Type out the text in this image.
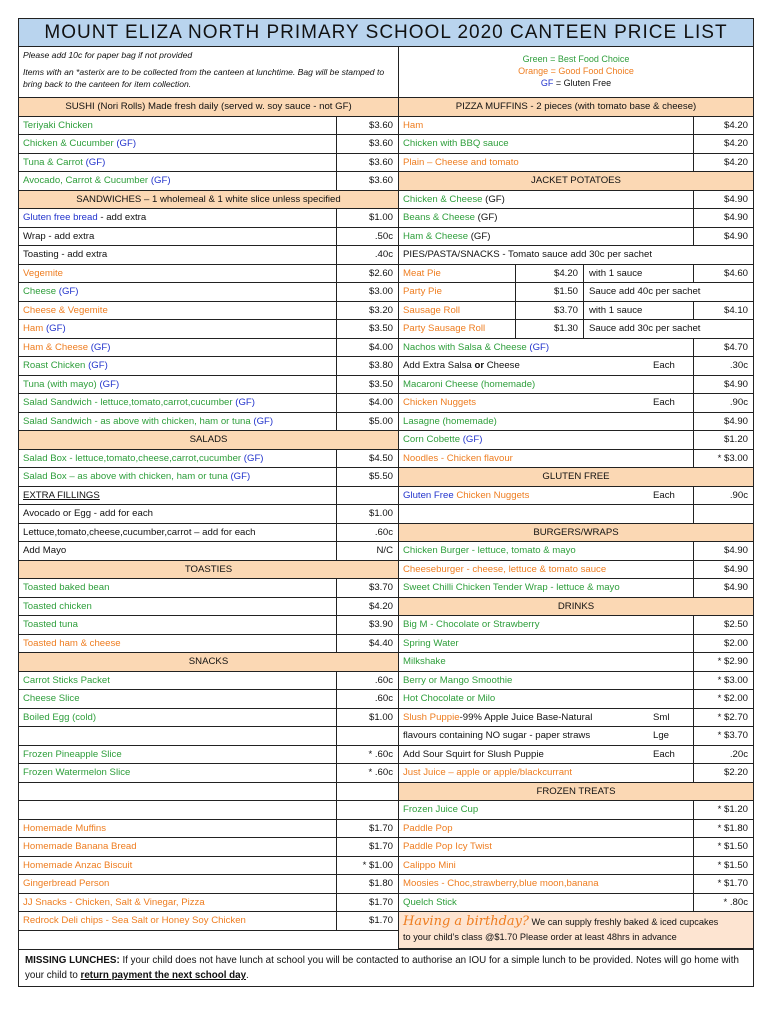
MOUNT ELIZA NORTH PRIMARY SCHOOL 2020 CANTEEN PRICE LIST
Please add 10c for paper bag if not provided
Items with an *asterix are to be collected from the canteen at lunchtime. Bag will be stamped to bring back to the canteen for item collection.
Green = Best Food Choice
Orange = Good Food Choice
GF = Gluten Free
SUSHI (Nori Rolls) Made fresh daily (served w. soy sauce - not GF)
Teriyaki Chicken	$3.60
Chicken & Cucumber (GF)	$3.60
Tuna & Carrot (GF)	$3.60
Avocado, Carrot & Cucumber (GF)	$3.60
SANDWICHES – 1 wholemeal & 1 white slice unless specified
Gluten free bread - add extra	$1.00
Wrap - add extra	.50c
Toasting - add extra	.40c
Vegemite	$2.60
Cheese (GF)	$3.00
Cheese & Vegemite	$3.20
Ham (GF)	$3.50
Ham & Cheese (GF)	$4.00
Roast Chicken (GF)	$3.80
Tuna (with mayo) (GF)	$3.50
Salad Sandwich - lettuce,tomato,carrot,cucumber (GF)	$4.00
Salad Sandwich - as above with chicken, ham or tuna (GF)	$5.00
SALADS
Salad Box - lettuce,tomato,cheese,carrot,cucumber (GF)	$4.50
Salad Box – as above with chicken, ham or tuna (GF)	$5.50
EXTRA FILLINGS
Avocado or Egg - add for each	$1.00
Lettuce,tomato,cheese,cucumber,carrot – add for each	.60c
Add Mayo	N/C
TOASTIES
Toasted baked bean	$3.70
Toasted chicken	$4.20
Toasted tuna	$3.90
Toasted ham & cheese	$4.40
SNACKS
Carrot Sticks Packet	.60c
Cheese Slice	.60c
Boiled Egg (cold)	$1.00
Frozen Pineapple Slice	* .60c
Frozen Watermelon Slice	* .60c
Homemade Muffins	$1.70
Homemade Banana Bread	$1.70
Homemade Anzac Biscuit	* $1.00
Gingerbread Person	$1.80
JJ Snacks - Chicken, Salt & Vinegar, Pizza	$1.70
Redrock Deli chips - Sea Salt or Honey Soy Chicken	$1.70
PIZZA MUFFINS - 2 pieces (with tomato base & cheese)
Ham	$4.20
Chicken with BBQ sauce	$4.20
Plain – Cheese and tomato	$4.20
JACKET POTATOES
Chicken & Cheese (GF)	$4.90
Beans & Cheese (GF)	$4.90
Ham & Cheese (GF)	$4.90
PIES/PASTA/SNACKS - Tomato sauce add 30c per sachet
Meat Pie	$4.20	with 1 sauce	$4.60
Party Pie	$1.50	Sauce add 40c per sachet
Sausage Roll	$3.70	with 1 sauce	$4.10
Party Sausage Roll	$1.30	Sauce add 30c per sachet
Nachos with Salsa & Cheese (GF)	$4.70
Add Extra Salsa or Cheese	Each	.30c
Macaroni Cheese (homemade)	$4.90
Chicken Nuggets	Each	.90c
Lasagne (homemade)	$4.90
Corn Cobette (GF)	$1.20
Noodles - Chicken flavour	* $3.00
GLUTEN FREE
Gluten Free Chicken Nuggets	Each	.90c
BURGERS/WRAPS
Chicken Burger - lettuce, tomato & mayo	$4.90
Cheeseburger - cheese, lettuce & tomato sauce	$4.90
Sweet Chilli Chicken Tender Wrap - lettuce & mayo	$4.90
DRINKS
Big M - Chocolate or Strawberry	$2.50
Spring Water	$2.00
Milkshake	* $2.90
Berry or Mango Smoothie	* $3.00
Hot Chocolate or Milo	* $2.00
Slush Puppie-99% Apple Juice Base-Natural	Sml	* $2.70
flavours containing NO sugar - paper straws	Lge	* $3.70
Add Sour Squirt for Slush Puppie	Each	.20c
Just Juice – apple or apple/blackcurrant	$2.20
FROZEN TREATS
Frozen Juice Cup	* $1.20
Paddle Pop	* $1.80
Paddle Pop Icy Twist	* $1.50
Calippo Mini	* $1.50
Moosies - Choc,strawberry,blue moon,banana	* $1.70
Quelch Stick	* .80c
Having a birthday? We can supply freshly baked & iced cupcakes
to your child’s class @$1.70 Please order at least 48hrs in advance
MISSING LUNCHES: If your child does not have lunch at school you will be contacted to authorise an IOU for a simple lunch to be provided. Notes will go home with your child to return payment the next school day.
